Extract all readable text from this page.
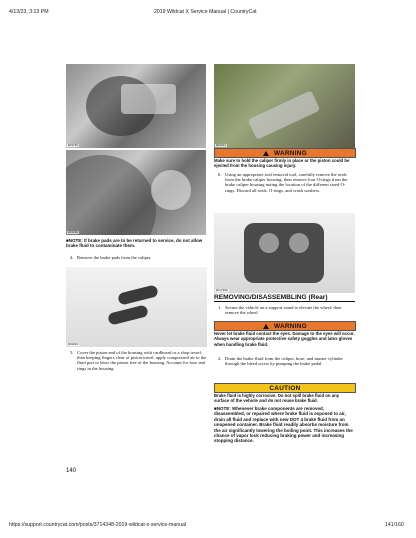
4/13/23, 3:13 PM	2019 Wildcat X Service Manual | CountryCat
WC0715
WC0908
■NOTE: If brake pads are to be returned to service, do not allow brake fluid to contaminate them.
4. Remove the brake pads from the caliper.
WC0894
5. Cover the piston end of the housing with cardboard or a shop towel; then keeping fingers clear of piston travel, apply compressed air to the fluid port to blow the piston free of the housing. Account for four seal rings in the housing.
140
WC0841
WARNING
Make sure to hold the caliper firmly in place or the piston could be ejected from the housing causing injury.
6. Using an appropriate seal removal tool, carefully remove the seals from the brake caliper housing; then remove four O-rings from the brake caliper housing noting the location of the different sized O-rings. Discard all seals, O-rings, and crush washers.
WC1793A
REMOVING/DISASSEMBLING (Rear)
1. Secure the vehicle on a support stand to elevate the wheel; then remove the wheel.
WARNING
Never let brake fluid contact the eyes. Damage to the eyes will occur. Always wear appropriate protective safety goggles and latex gloves when handling brake fluid.
2. Drain the brake fluid from the caliper, hose, and master cylinder through the bleed screw by pumping the brake pedal.
CAUTION
Brake fluid is highly corrosive. Do not spill brake fluid on any surface of the vehicle and do not reuse brake fluid.
■NOTE: Whenever brake components are removed, disassembled, or repaired where brake fluid is exposed to air, drain all fluid and replace with new DOT 4 brake fluid from an unopened container. Brake fluid readily absorbs moisture from the air significantly lowering the boiling point. This increases the chance of vapor lock reducing braking power and increasing stopping distance.
https://support.countrycat.com/posts/3714348-2019-wildcat-x-service-manual	141/160
